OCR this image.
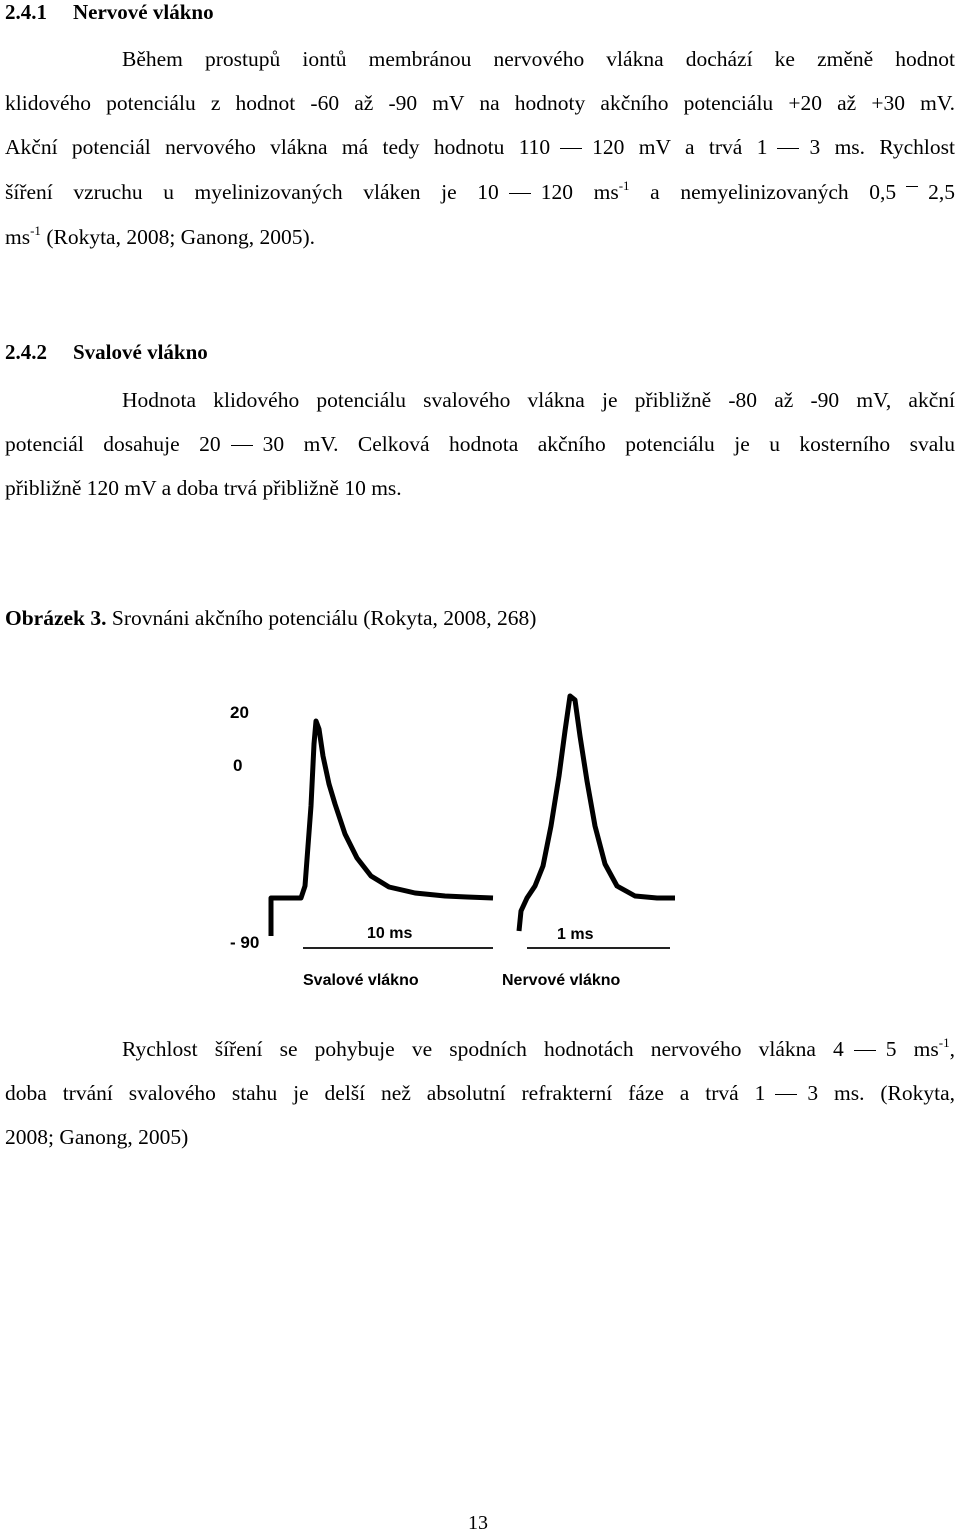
2.4.1 Nervové vlákno
Během prostupů iontů membránou nervového vlákna dochází ke změně hodnot
klidového potenciálu z hodnot -60 až -90 mV na hodnoty akčního potenciálu +20 až +30 mV.
Akční potenciál nervového vlákna má tedy hodnotu 110 120 mV a trvá 1 3 ms. Rychlost
šíření vzruchu u myelinizovaných vláken je 10 120 $ms^{-1}$ a nemyelinizovaných 0,5 2,5
$ms^{-1}$ (Rokyta, 2008; Ganong, 2005).
2.4.2 Svalové vlákno
Hodnota klidového potenciálu svalového vlákna je přibližně -80 až -90 mV, akční
potenciál dosahuje 20 30 mV. Celková hodnota akčního potenciálu je u kosterního svalu
přibližně 120 mV a doba trvá přibližně 10 ms.
Obrázek 3. Srovnáni akčního potenciálu (Rokyta, 2008, 268)
20
0
- 90	10 ms	1 ms
Svalové vlákno	Nervové vlákno
Rychlost šíření se pohybuje ve spodních hodnotách nervového vlákna 4 5 $ms^{-1}$,
doba trvání svalového stahu je delší než absolutní refrakterní fáze a trvá 1 3 ms. (Rokyta,
2008; Ganong, 2005)
13
